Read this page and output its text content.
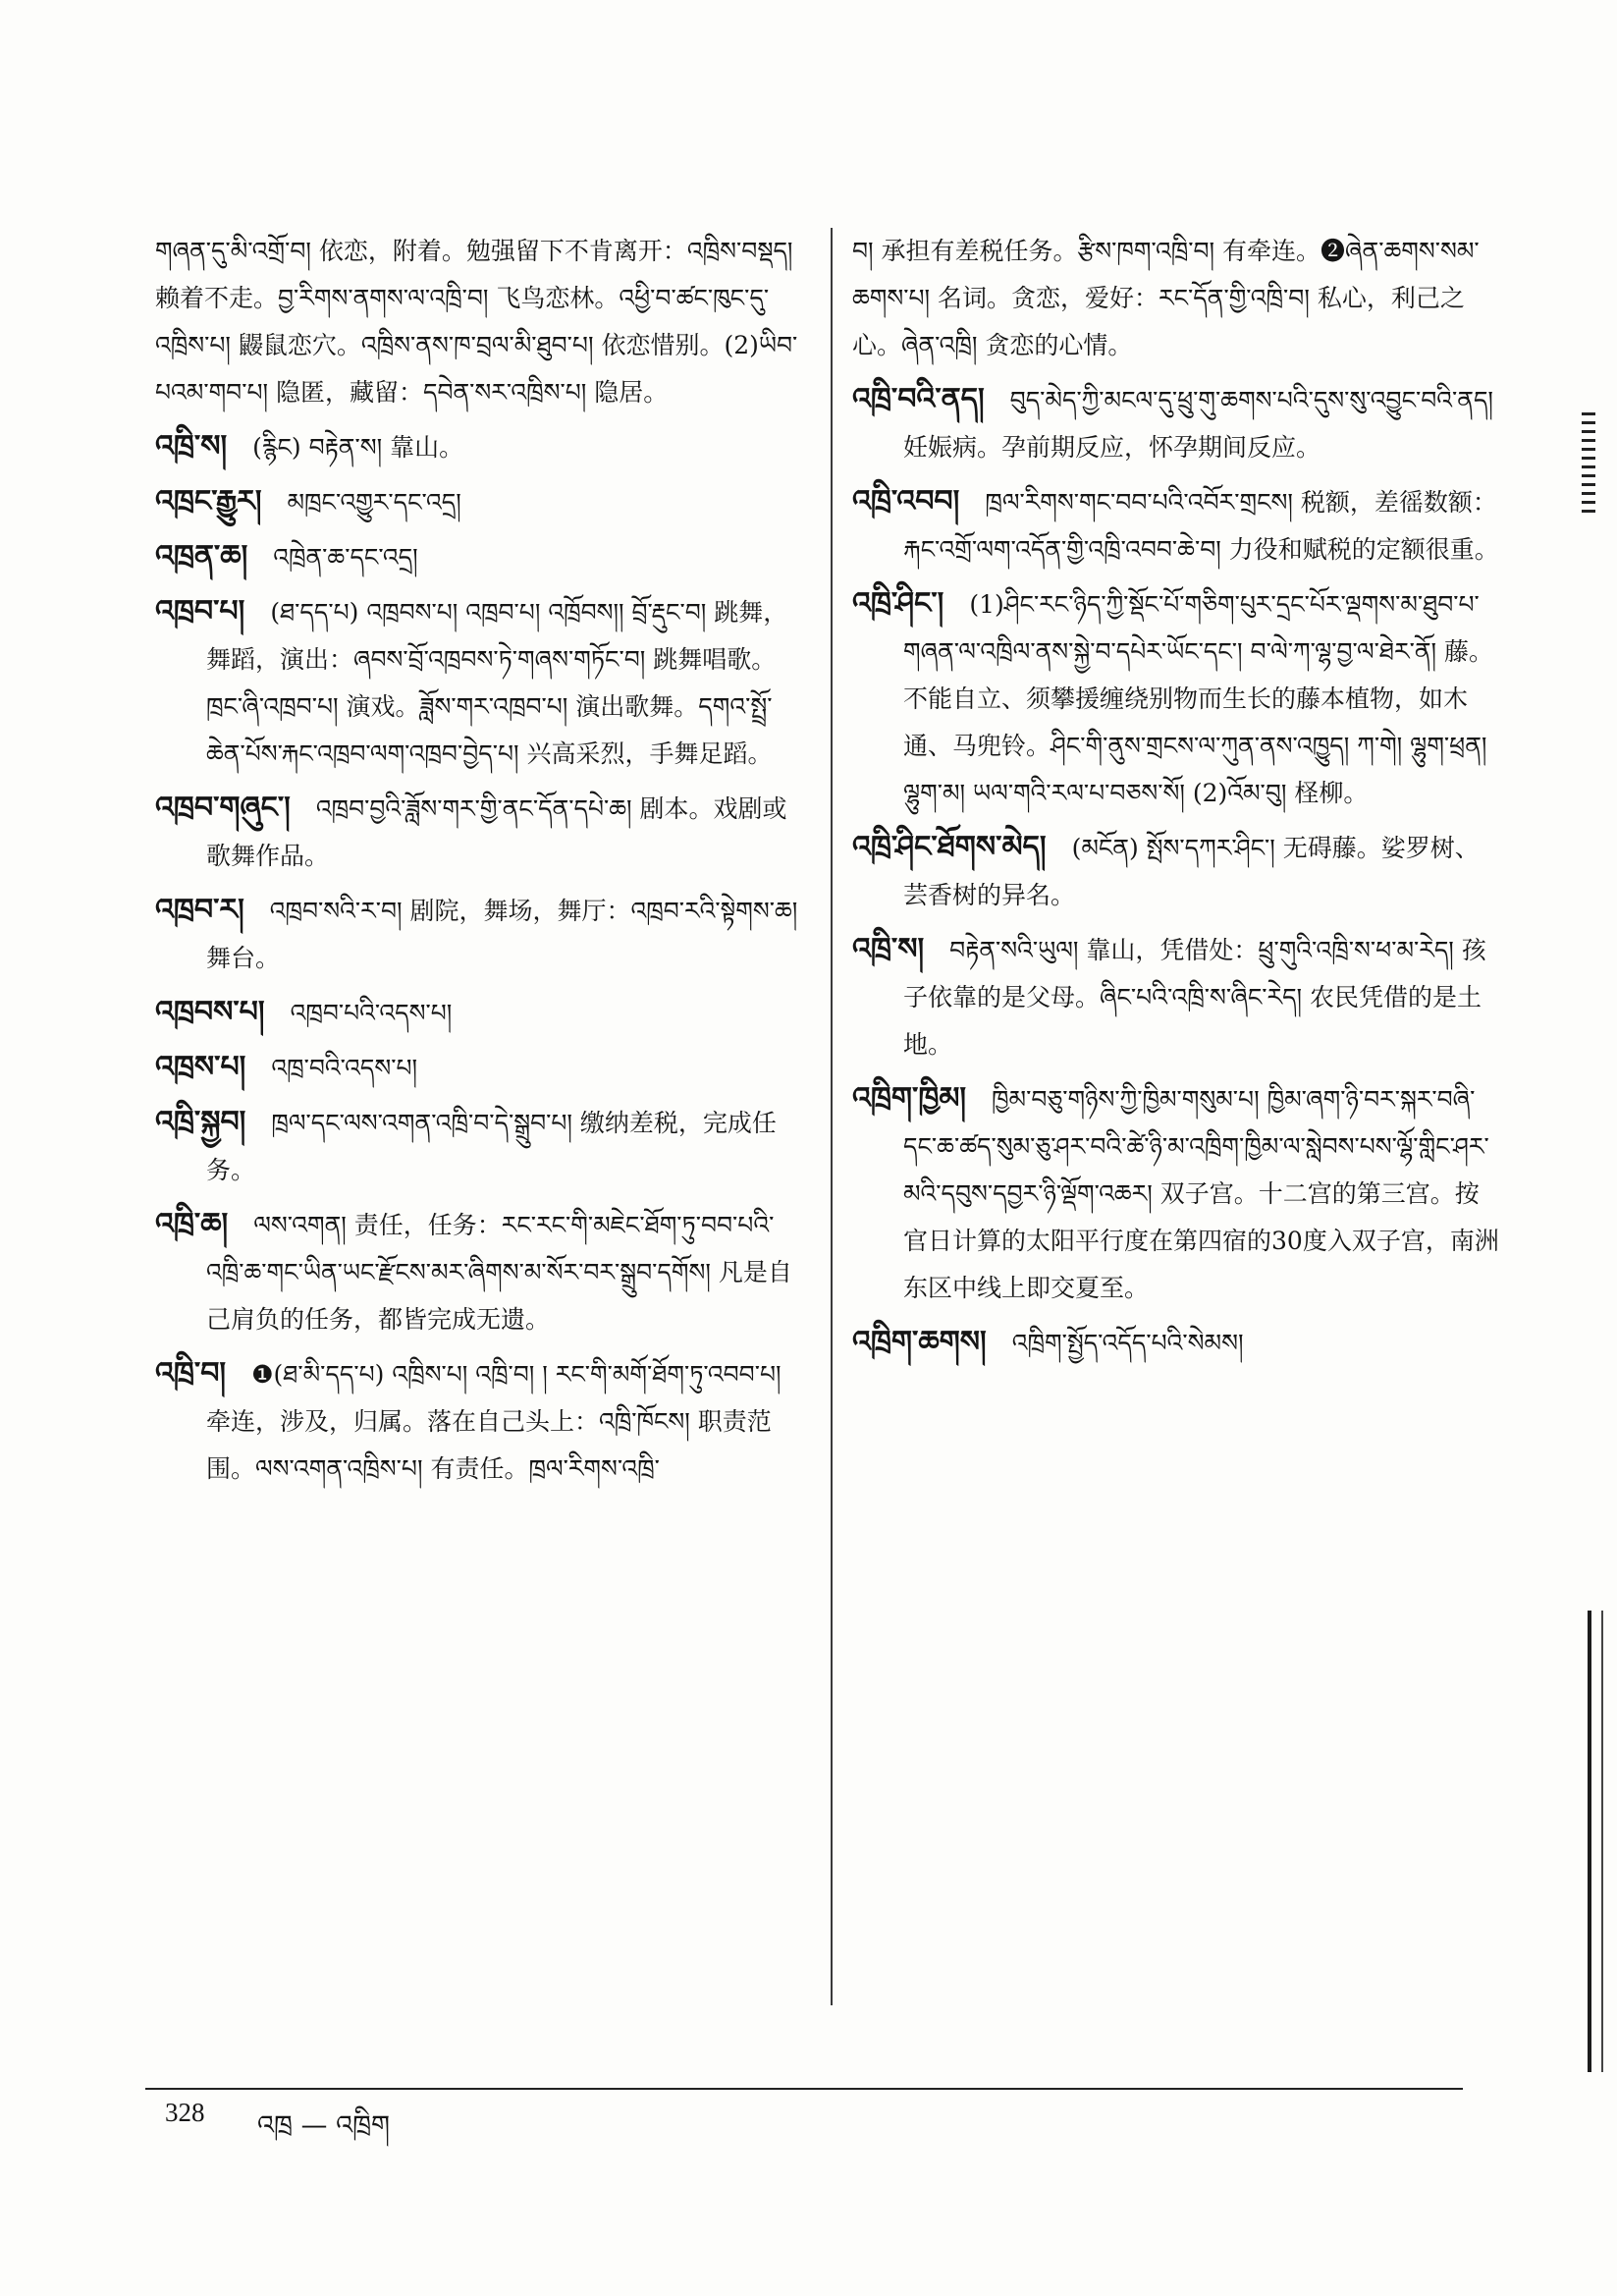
གཞན་དུ་མི་འགྲོ་བ། 依恋，附着。勉强留下不肯离开：འཁྲིས་བསྡད། 赖着不走。བྱ་རིགས་ནགས་ལ་འཁྲི་བ། 飞鸟恋林。འཕྱི་བ་ཚང་ཁུང་དུ་འཁྲིས་པ། 鼹鼠恋穴。འཁྲིས་ནས་ཁ་བྲལ་མི་ཐུབ་པ། 依恋惜别。(2)ཡིབ་པའམ་གབ་པ། 隐匿，藏留：དབེན་སར་འཁྲིས་པ། 隐居。

འཁྲི་ས། (རྙིང) བརྟེན་ས། 靠山。

འཁྲང་རྒྱུར། མཁྲང་འགྱུར་དང་འདྲ།

འཁྲན་ཆ། འཁྲེན་ཆ་དང་འདྲ།

འཁྲབ་པ། (ཐ་དད་པ) འཁྲབས་པ། འཁྲབ་པ། འཁྲོབས།། བྲོ་རྡུང་བ། 跳舞，舞蹈，演出：ཞབས་བྲོ་འཁྲབས་ཏེ་གཞས་གཏོང་བ། 跳舞唱歌。ཁྲང་ཞི་འཁྲབ་པ། 演戏。ཟློས་གར་འཁྲབ་པ། 演出歌舞。དགའ་སྤྲོ་ཆེན་པོས་རྐང་འཁྲབ་ལག་འཁྲབ་བྱེད་པ། 兴高采烈，手舞足蹈。

འཁྲབ་གཞུང་། འཁྲབ་བྱའི་ཟློས་གར་གྱི་ནང་དོན་དཔེ་ཆ། 剧本。戏剧或歌舞作品。

འཁྲབ་ར། འཁྲབ་སའི་ར་བ། 剧院，舞场，舞厅：འཁྲབ་རའི་སྟེགས་ཆ། 舞台。

འཁྲབས་པ། འཁྲབ་པའི་འདས་པ།

འཁྲས་པ། འཁྲ་བའི་འདས་པ།

འཁྲི་སྐྱབ། ཁྲལ་དང་ལས་འགན་འཁྲི་བ་དེ་སྒྲུབ་པ། 缴纳差税，完成任务。

འཁྲི་ཆ། ལས་འགན། 责任，任务：རང་རང་གི་མཇེང་ཐོག་ཏུ་བབ་པའི་འཁྲི་ཆ་གང་ཡིན་ཡང་རྫོངས་མར་ཞིགས་མ་སོར་བར་སྒྲུབ་དགོས། 凡是自己肩负的任务，都皆完成无遗。

འཁྲི་བ། ❶(ཐ་མི་དད་པ) འཁྲིས་པ། འཁྲི་བ། ། རང་གི་མགོ་ཐོག་ཏུ་འབབ་པ། 牵连，涉及，归属。落在自己头上：འཁྲི་ཁོངས། 职责范围。ལས་འགན་འཁྲིས་པ། 有责任。ཁྲལ་རིགས་འཁྲི་

བ། 承担有差税任务。རྩིས་ཁག་འཁྲི་བ། 有牵连。❷ཞེན་ཆགས་སམ་ཆགས་པ། 名词。贪恋，爱好：རང་དོན་གྱི་འཁྲི་བ། 私心，利己之心。ཞེན་འཁྲི། 贪恋的心情。

འཁྲི་བའི་ནད། བུད་མེད་ཀྱི་མངལ་དུ་ཕྲུ་གུ་ཆགས་པའི་དུས་སུ་འབྱུང་བའི་ནད། 妊娠病。孕前期反应，怀孕期间反应。

འཁྲི་འབབ། ཁྲལ་རིགས་གང་བབ་པའི་འབོར་གྲངས། 税额，差徭数额：རྐང་འགྲོ་ལག་འདོན་གྱི་འཁྲི་འབབ་ཆེ་བ། 力役和赋税的定额很重。

འཁྲི་ཤིང་། (1)ཤིང་རང་ཉིད་ཀྱི་སྡོང་པོ་གཅིག་པུར་དྲང་པོར་ལྡགས་མ་ཐུབ་པ་གཞན་ལ་འཁྲིལ་ནས་སྐྱེ་བ་དཔེར་ཡོང་དང་། བ་ལེ་ཀ་ལྷ་བྱ་ལ་ཐེར་ནོ། 藤。不能自立、须攀援缠绕别物而生长的藤本植物，如木通、马兜铃。ཤིང་གི་ནུས་གྲངས་ལ་ཀུན་ནས་འཁྱུད། ཀ་གེ། ལྷུག་ཕྲན། ལྷུག་མ། ཡལ་གའི་རལ་པ་བཅས་སོ། (2)འོམ་བུ། 柽柳。

འཁྲི་ཤིང་ཐོགས་མེད། (མངོན) སྤོས་དཀར་ཤིང་། 无碍藤。娑罗树、芸香树的异名。

འཁྲི་ས། བརྟེན་སའི་ཡུལ། 靠山，凭借处：ཕྲུ་གུའི་འཁྲི་ས་ཕ་མ་རེད། 孩子依靠的是父母。ཞིང་པའི་འཁྲི་ས་ཞིང་རེད། 农民凭借的是土地。

འཁྲིག་ཁྱིམ། ཁྱིམ་བཅུ་གཉིས་ཀྱི་ཁྱིམ་གསུམ་པ། ཁྱིམ་ཞག་ཉི་བར་སྐར་བཞི་དང་ཆ་ཚད་སུམ་ཅུ་ཤར་བའི་ཚེ་ཉི་མ་འཁྲིག་ཁྱིམ་ལ་སླེབས་པས་ལྷོ་གླིང་ཤར་མའི་དབུས་དབྱར་ཉི་ལྡོག་འཆར། 双子宫。十二宫的第三宫。按官日计算的太阳平行度在第四宿的30度入双子宫，南洲东区中线上即交夏至。

འཁྲིག་ཆགས། འཁྲིག་སྤྱོད་འདོད་པའི་སེམས།

328 འཁྲ — འཁྲིག
